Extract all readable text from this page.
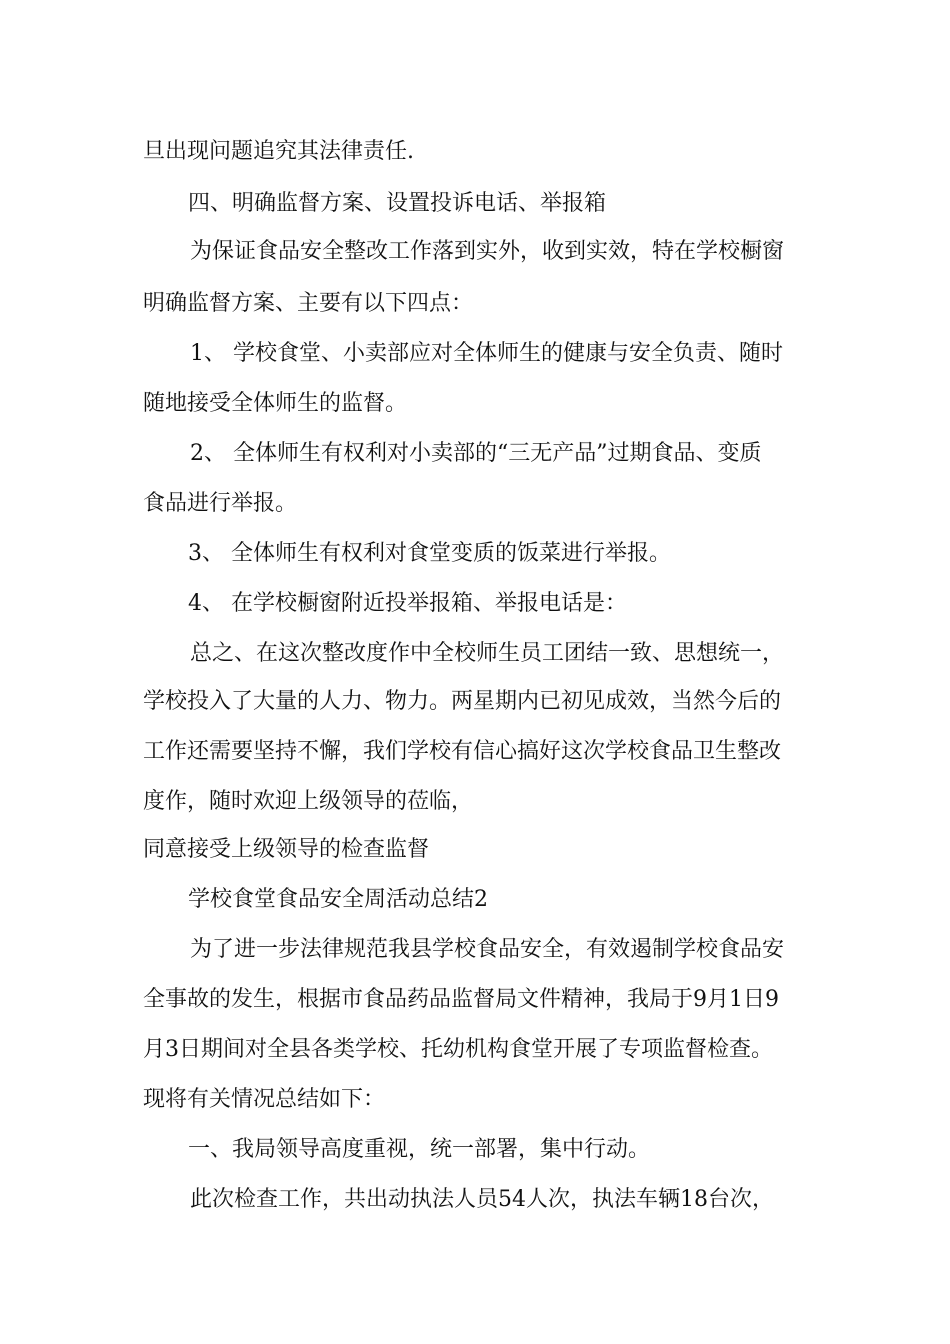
旦出现问题追究其法律责任.
四、明确监督方案、设置投诉电话、举报箱
为保证食品安全整改工作落到实外，收到实效，特在学校橱窗
明确监督方案、主要有以下四点：
1、 学校食堂、小卖部应对全体师生的健康与安全负责、随时
随地接受全体师生的监督。
2、 全体师生有权利对小卖部的“三无产品”过期食品、变质
食品进行举报。
3、 全体师生有权利对食堂变质的饭菜进行举报。
4、 在学校橱窗附近投举报箱、举报电话是：
总之、在这次整改度作中全校师生员工团结一致、思想统一，
学校投入了大量的人力、物力。两星期内已初见成效，当然今后的
工作还需要坚持不懈，我们学校有信心搞好这次学校食品卫生整改
度作，随时欢迎上级领导的莅临，
同意接受上级领导的检查监督
学校食堂食品安全周活动总结2
为了进一步法律规范我县学校食品安全，有效遏制学校食品安
全事故的发生，根据市食品药品监督局文件精神，我局于9月1日9
月3日期间对全县各类学校、托幼机构食堂开展了专项监督检查。
现将有关情况总结如下：
一、我局领导高度重视，统一部署，集中行动。
此次检查工作，共出动执法人员54人次，执法车辆18台次，
